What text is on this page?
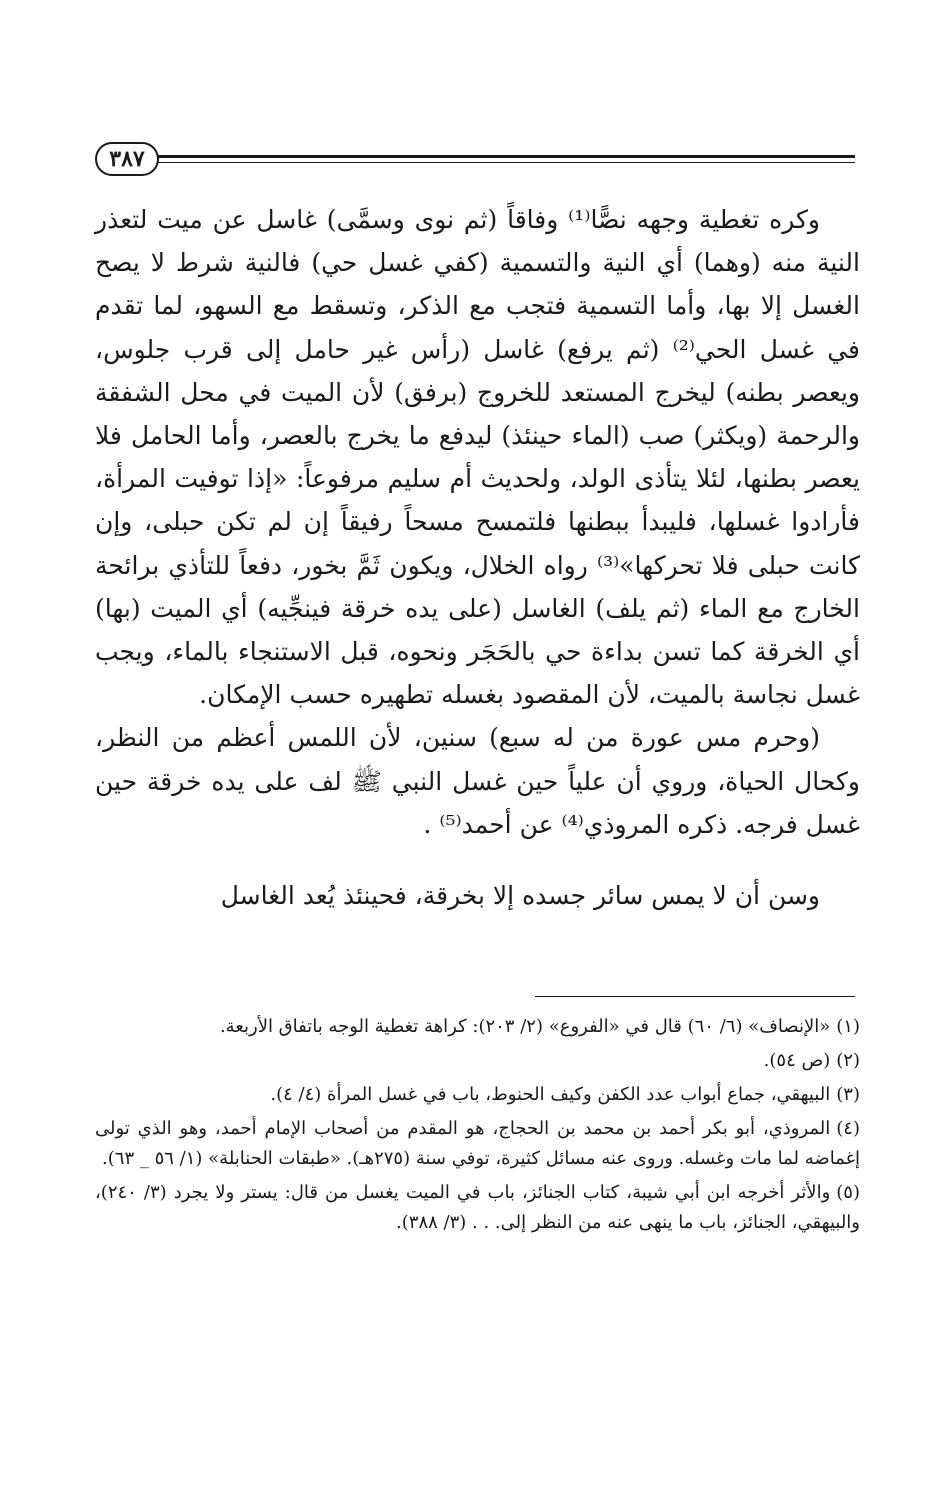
٣٨٧

وكره تغطية وجهه نصًّا⁽¹⁾ وفاقاً (ثم نوى وسمَّى) غاسل عن ميت لتعذر النية منه (وهما) أي النية والتسمية (كفي غسل حي) فالنية شرط لا يصح الغسل إلا بها، وأما التسمية فتجب مع الذكر، وتسقط مع السهو، لما تقدم في غسل الحي⁽²⁾ (ثم يرفع) غاسل (رأس غير حامل إلى قرب جلوس، ويعصر بطنه) ليخرج المستعد للخروج (برفق) لأن الميت في محل الشفقة والرحمة (ويكثر) صب (الماء حينئذ) ليدفع ما يخرج بالعصر، وأما الحامل فلا يعصر بطنها، لئلا يتأذى الولد، ولحديث أم سليم مرفوعاً: «إذا توفيت المرأة، فأرادوا غسلها، فليبدأ ببطنها فلتمسح مسحاً رفيقاً إن لم تكن حبلى، وإن كانت حبلى فلا تحركها»⁽³⁾ رواه الخلال، ويكون ثَمَّ بخور، دفعاً للتأذي برائحة الخارج مع الماء (ثم يلف) الغاسل (على يده خرقة فينجِّيه) أي الميت (بها) أي الخرقة كما تسن بداءة حي بالحَجَر ونحوه، قبل الاستنجاء بالماء، ويجب غسل نجاسة بالميت، لأن المقصود بغسله تطهيره حسب الإمكان.

(وحرم مس عورة من له سبع) سنين، لأن اللمس أعظم من النظر، وكحال الحياة، وروي أن علياً حين غسل النبي ﷺ لف على يده خرقة حين غسل فرجه. ذكره المروذي⁽⁴⁾ عن أحمد⁽⁵⁾ .

وسن أن لا يمس سائر جسده إلا بخرقة، فحينئذ يُعد الغاسل

(١)«الإنصاف» (٦/ ٦٠) قال في «الفروع» (٢/ ٢٠٣): كراهة تغطية الوجه باتفاق الأربعة.

(٢)(ص ٥٤).

(٣)البيهقي، جماع أبواب عدد الكفن وكيف الحنوط، باب في غسل المرأة (٤/ ٤).

(٤)المروذي، أبو بكر أحمد بن محمد بن الحجاج، هو المقدم من أصحاب الإمام أحمد، وهو الذي تولى إغماضه لما مات وغسله. وروى عنه مسائل كثيرة، توفي سنة (٢٧٥هـ). «طبقات الحنابلة» (١/ ٥٦ _ ٦٣).

(٥)والأثر أخرجه ابن أبي شيبة، كتاب الجنائز، باب في الميت يغسل من قال: يستر ولا يجرد (٣/ ٢٤٠)، والبيهقي، الجنائز، باب ما ينهى عنه من النظر إلى. . . (٣/ ٣٨٨).
